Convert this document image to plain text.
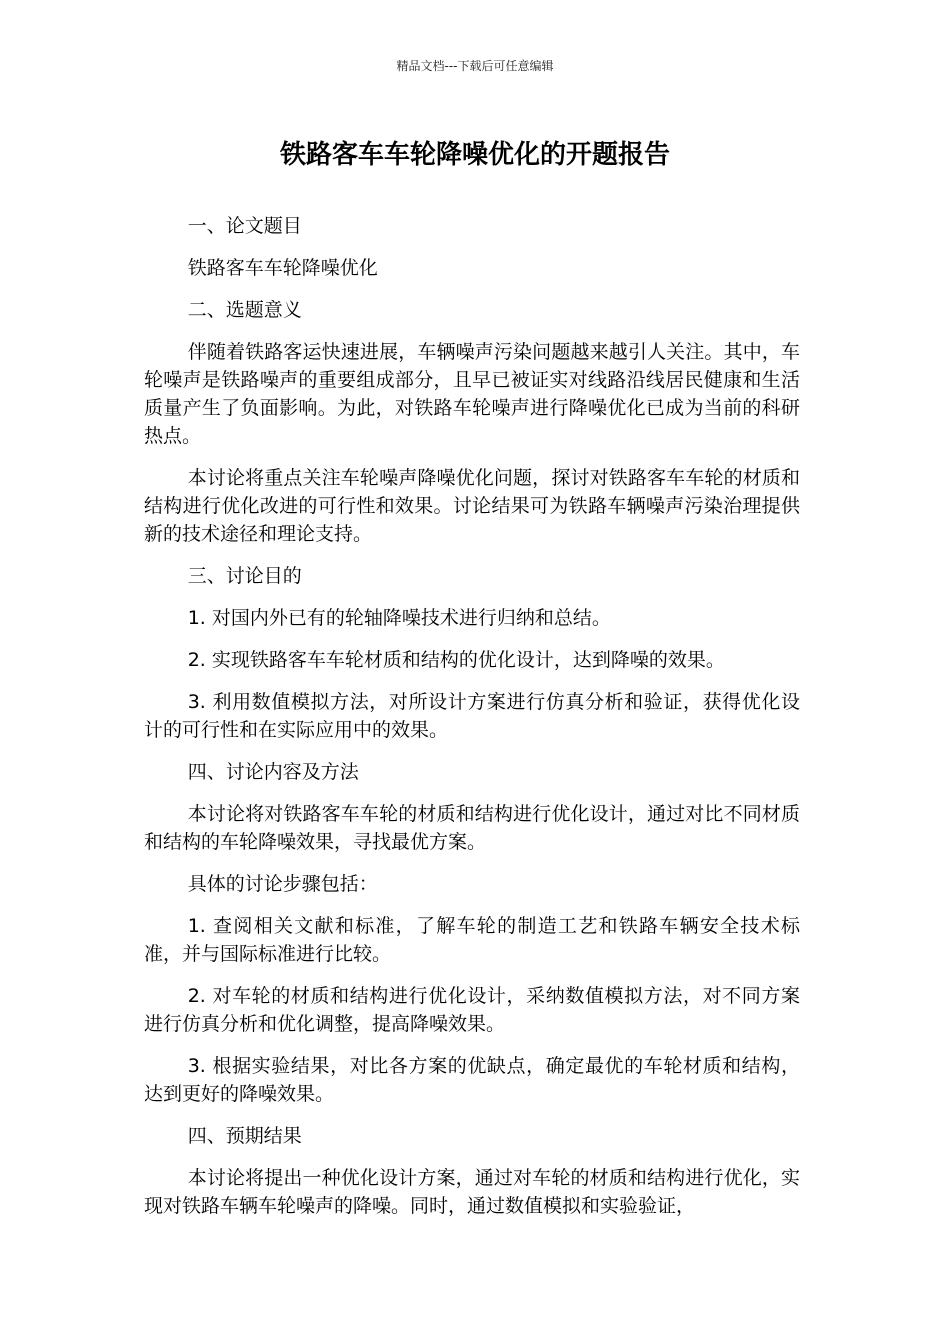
精品文档---下载后可任意编辑
铁路客车车轮降噪优化的开题报告

一、论文题目

铁路客车车轮降噪优化

二、选题意义

伴随着铁路客运快速进展，车辆噪声污染问题越来越引人关注。其中，车轮噪声是铁路噪声的重要组成部分，且早已被证实对线路沿线居民健康和生活质量产生了负面影响。为此，对铁路车轮噪声进行降噪优化已成为当前的科研热点。

本讨论将重点关注车轮噪声降噪优化问题，探讨对铁路客车车轮的材质和结构进行优化改进的可行性和效果。讨论结果可为铁路车辆噪声污染治理提供新的技术途径和理论支持。

三、讨论目的

1. 对国内外已有的轮轴降噪技术进行归纳和总结。

2. 实现铁路客车车轮材质和结构的优化设计，达到降噪的效果。

3. 利用数值模拟方法，对所设计方案进行仿真分析和验证，获得优化设计的可行性和在实际应用中的效果。

四、讨论内容及方法

本讨论将对铁路客车车轮的材质和结构进行优化设计，通过对比不同材质和结构的车轮降噪效果，寻找最优方案。

具体的讨论步骤包括：

1. 查阅相关文献和标准，了解车轮的制造工艺和铁路车辆安全技术标准，并与国际标准进行比较。

2. 对车轮的材质和结构进行优化设计，采纳数值模拟方法，对不同方案进行仿真分析和优化调整，提高降噪效果。

3. 根据实验结果，对比各方案的优缺点，确定最优的车轮材质和结构，达到更好的降噪效果。

四、预期结果

本讨论将提出一种优化设计方案，通过对车轮的材质和结构进行优化，实现对铁路车辆车轮噪声的降噪。同时，通过数值模拟和实验验证，
